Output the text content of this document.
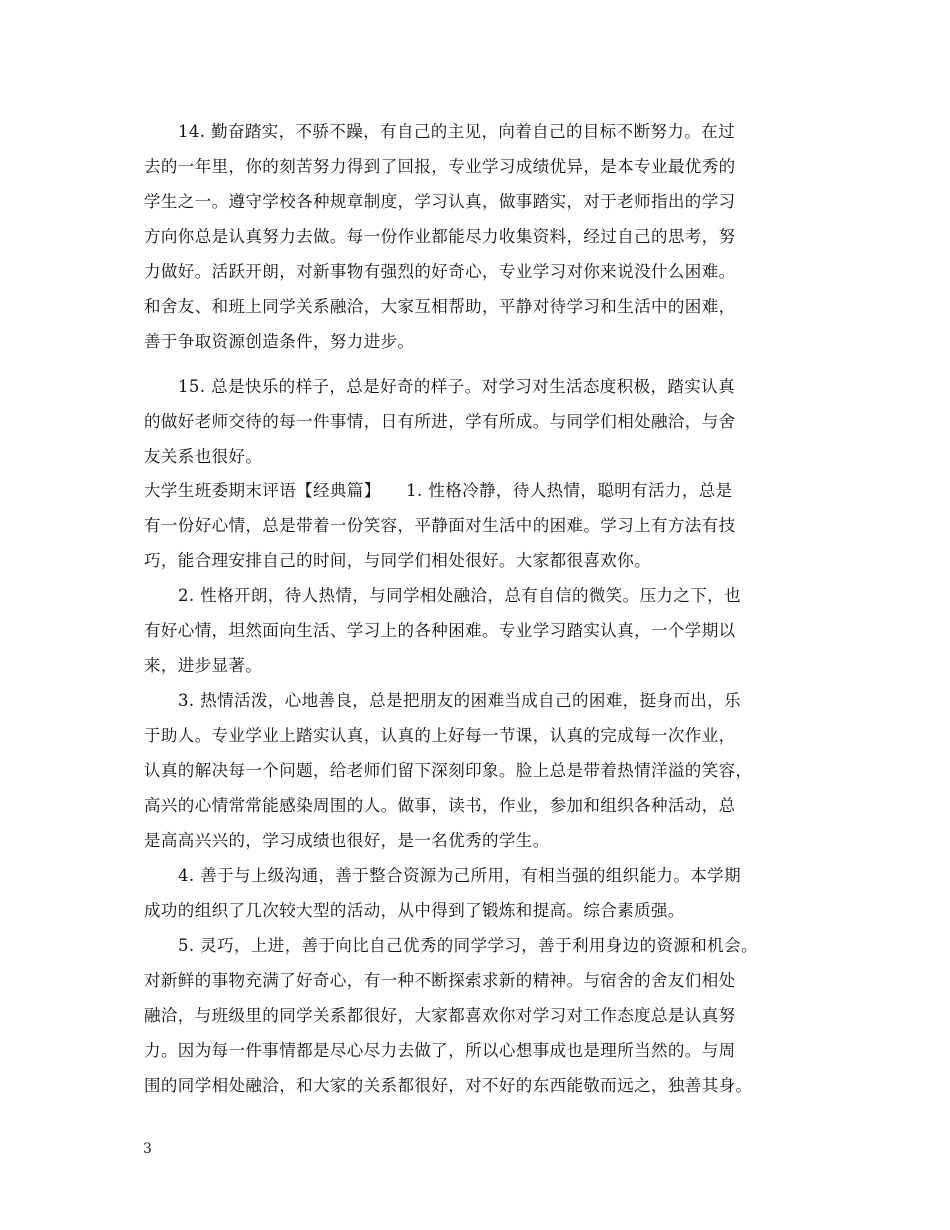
14. 勤奋踏实，不骄不躁，有自己的主见，向着自己的目标不断努力。在过
去的一年里，你的刻苦努力得到了回报，专业学习成绩优异，是本专业最优秀的
学生之一。遵守学校各种规章制度，学习认真，做事踏实，对于老师指出的学习
方向你总是认真努力去做。每一份作业都能尽力收集资料，经过自己的思考，努
力做好。活跃开朗，对新事物有强烈的好奇心，专业学习对你来说没什么困难。
和舍友、和班上同学关系融洽，大家互相帮助，平静对待学习和生活中的困难，
善于争取资源创造条件，努力进步。
15. 总是快乐的样子，总是好奇的样子。对学习对生活态度积极，踏实认真
的做好老师交待的每一件事情，日有所进，学有所成。与同学们相处融洽，与舍
友关系也很好。
大学生班委期末评语【经典篇】　　1. 性格冷静，待人热情，聪明有活力，总是
有一份好心情，总是带着一份笑容，平静面对生活中的困难。学习上有方法有技
巧，能合理安排自己的时间，与同学们相处很好。大家都很喜欢你。
2. 性格开朗，待人热情，与同学相处融洽，总有自信的微笑。压力之下，也
有好心情，坦然面向生活、学习上的各种困难。专业学习踏实认真，一个学期以
来，进步显著。
3. 热情活泼，心地善良，总是把朋友的困难当成自己的困难，挺身而出，乐
于助人。专业学业上踏实认真，认真的上好每一节课，认真的完成每一次作业，
认真的解决每一个问题，给老师们留下深刻印象。脸上总是带着热情洋溢的笑容，
高兴的心情常常能感染周围的人。做事，读书，作业，参加和组织各种活动，总
是高高兴兴的，学习成绩也很好，是一名优秀的学生。
4. 善于与上级沟通，善于整合资源为己所用，有相当强的组织能力。本学期
成功的组织了几次较大型的活动，从中得到了锻炼和提高。综合素质强。
5. 灵巧，上进，善于向比自己优秀的同学学习，善于利用身边的资源和机会。
对新鲜的事物充满了好奇心，有一种不断探索求新的精神。与宿舍的舍友们相处
融洽，与班级里的同学关系都很好，大家都喜欢你对学习对工作态度总是认真努
力。因为每一件事情都是尽心尽力去做了，所以心想事成也是理所当然的。与周
围的同学相处融洽，和大家的关系都很好，对不好的东西能敬而远之，独善其身。
3
